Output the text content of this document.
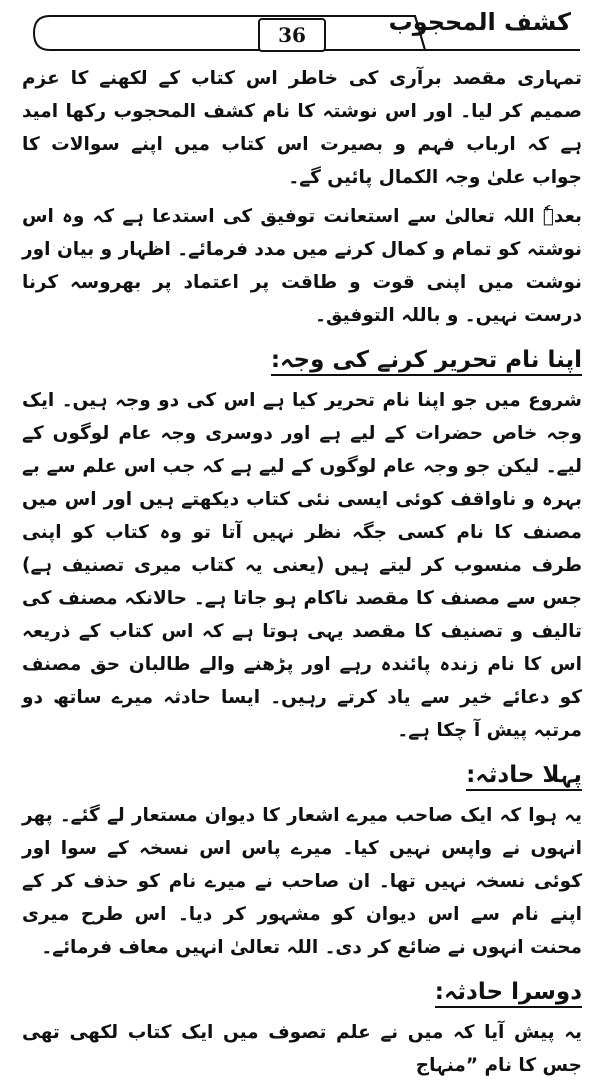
كشف المحجوب
36

تمہاری مقصد برآری کی خاطر اس کتاب کے لکھنے کا عزم صمیم کر لیا۔ اور اس نوشتہ کا نام کشف المحجوب رکھا امید ہے کہ ارباب فہم و بصیرت اس کتاب میں اپنے سوالات کا جواب علیٰ وجہ الکمال پائیں گے۔

بعدہٗ اللہ تعالیٰ سے استعانت توفیق کی استدعا ہے کہ وہ اس نوشتہ کو تمام و کمال کرنے میں مدد فرمائے۔ اظہار و بیان اور نوشت میں اپنی قوت و طاقت پر اعتماد پر بھروسہ کرنا درست نہیں۔ و باللہ التوفیق۔

اپنا نام تحریر کرنے کی وجہ:

شروع میں جو اپنا نام تحریر کیا ہے اس کی دو وجہ ہیں۔ ایک وجہ خاص حضرات کے لیے ہے اور دوسری وجہ عام لوگوں کے لیے۔ لیکن جو وجہ عام لوگوں کے لیے ہے کہ جب اس علم سے بے بہرہ و ناواقف کوئی ایسی نئی کتاب دیکھتے ہیں اور اس میں مصنف کا نام کسی جگہ نظر نہیں آتا تو وہ کتاب کو اپنی طرف منسوب کر لیتے ہیں (یعنی یہ کتاب میری تصنیف ہے) جس سے مصنف کا مقصد ناکام ہو جاتا ہے۔ حالانکہ مصنف کی تالیف و تصنیف کا مقصد یہی ہوتا ہے کہ اس کتاب کے ذریعہ اس کا نام زندہ پائندہ رہے اور پڑھنے والے طالبان حق مصنف کو دعائے خیر سے یاد کرتے رہیں۔ ایسا حادثہ میرے ساتھ دو مرتبہ پیش آ چکا ہے۔

پہلا حادثہ:

یہ ہوا کہ ایک صاحب میرے اشعار کا دیوان مستعار لے گئے۔ پھر انہوں نے واپس نہیں کیا۔ میرے پاس اس نسخہ کے سوا اور کوئی نسخہ نہیں تھا۔ ان صاحب نے میرے نام کو حذف کر کے اپنے نام سے اس دیوان کو مشہور کر دیا۔ اس طرح میری محنت انہوں نے ضائع کر دی۔ اللہ تعالیٰ انہیں معاف فرمائے۔

دوسرا حادثہ:

یہ پیش آیا کہ میں نے علم تصوف میں ایک کتاب لکھی تھی جس کا نام ”منہاج
